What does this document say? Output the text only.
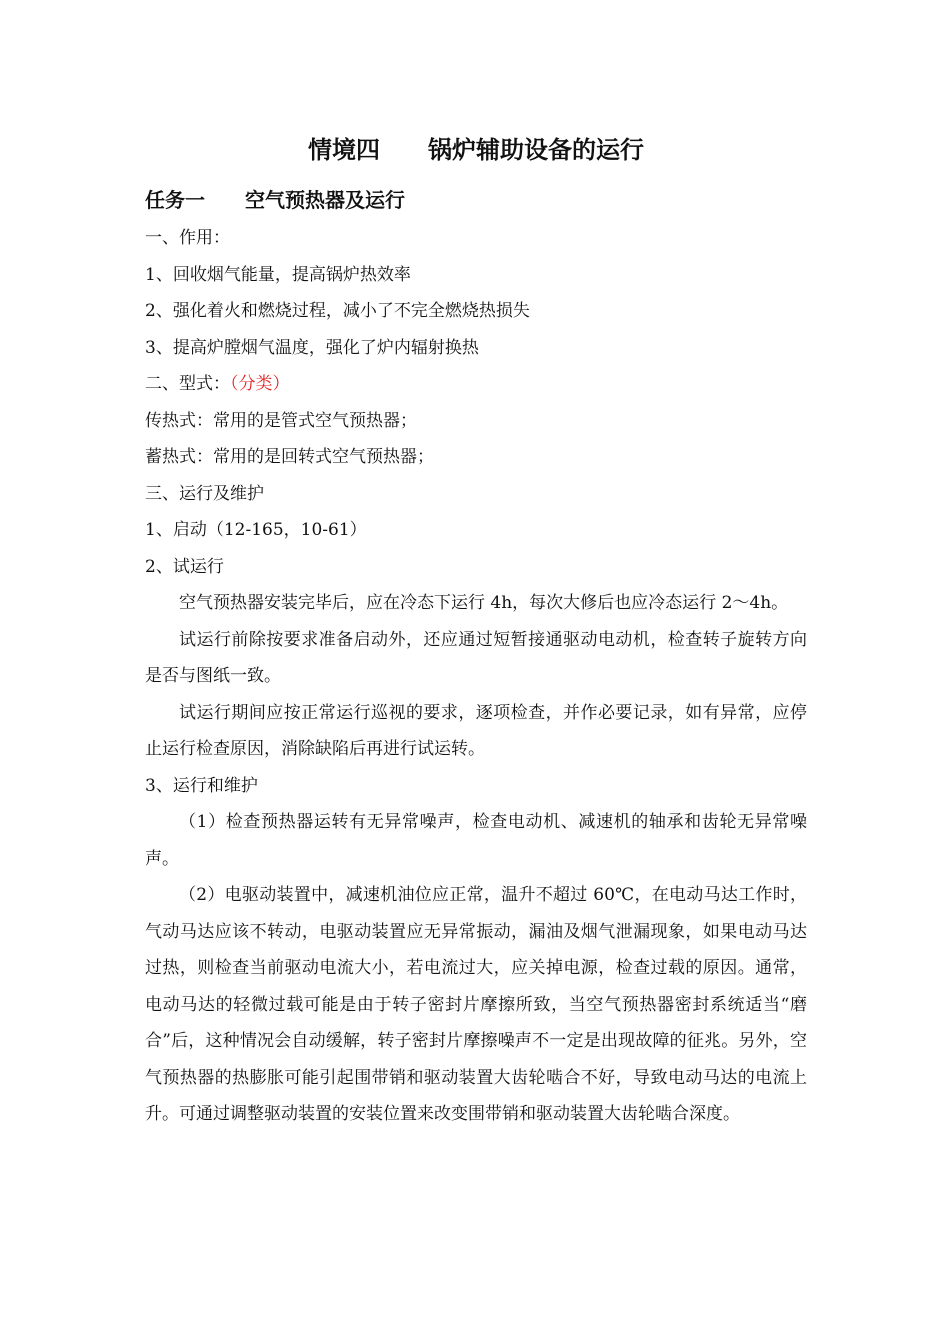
情境四　　锅炉辅助设备的运行
任务一　　空气预热器及运行

一、作用：

1、回收烟气能量，提高锅炉热效率

2、强化着火和燃烧过程，减小了不完全燃烧热损失

3、提高炉膛烟气温度，强化了炉内辐射换热

二、型式：（分类）

传热式：常用的是管式空气预热器；

蓄热式：常用的是回转式空气预热器；

三、运行及维护

1、启动（12-165，10-61）

2、试运行

空气预热器安装完毕后，应在冷态下运行 4h，每次大修后也应冷态运行 2～4h。

试运行前除按要求准备启动外，还应通过短暂接通驱动电动机，检查转子旋转方向是否与图纸一致。

试运行期间应按正常运行巡视的要求，逐项检查，并作必要记录，如有异常，应停止运行检查原因，消除缺陷后再进行试运转。

3、运行和维护

（1）检查预热器运转有无异常噪声，检查电动机、减速机的轴承和齿轮无异常噪声。

（2）电驱动装置中，减速机油位应正常，温升不超过 60℃，在电动马达工作时，气动马达应该不转动，电驱动装置应无异常振动，漏油及烟气泄漏现象，如果电动马达过热，则检查当前驱动电流大小，若电流过大，应关掉电源，检查过载的原因。通常，电动马达的轻微过载可能是由于转子密封片摩擦所致，当空气预热器密封系统适当“磨合”后，这种情况会自动缓解，转子密封片摩擦噪声不一定是出现故障的征兆。另外，空气预热器的热膨胀可能引起围带销和驱动装置大齿轮啮合不好，导致电动马达的电流上升。可通过调整驱动装置的安装位置来改变围带销和驱动装置大齿轮啮合深度。
